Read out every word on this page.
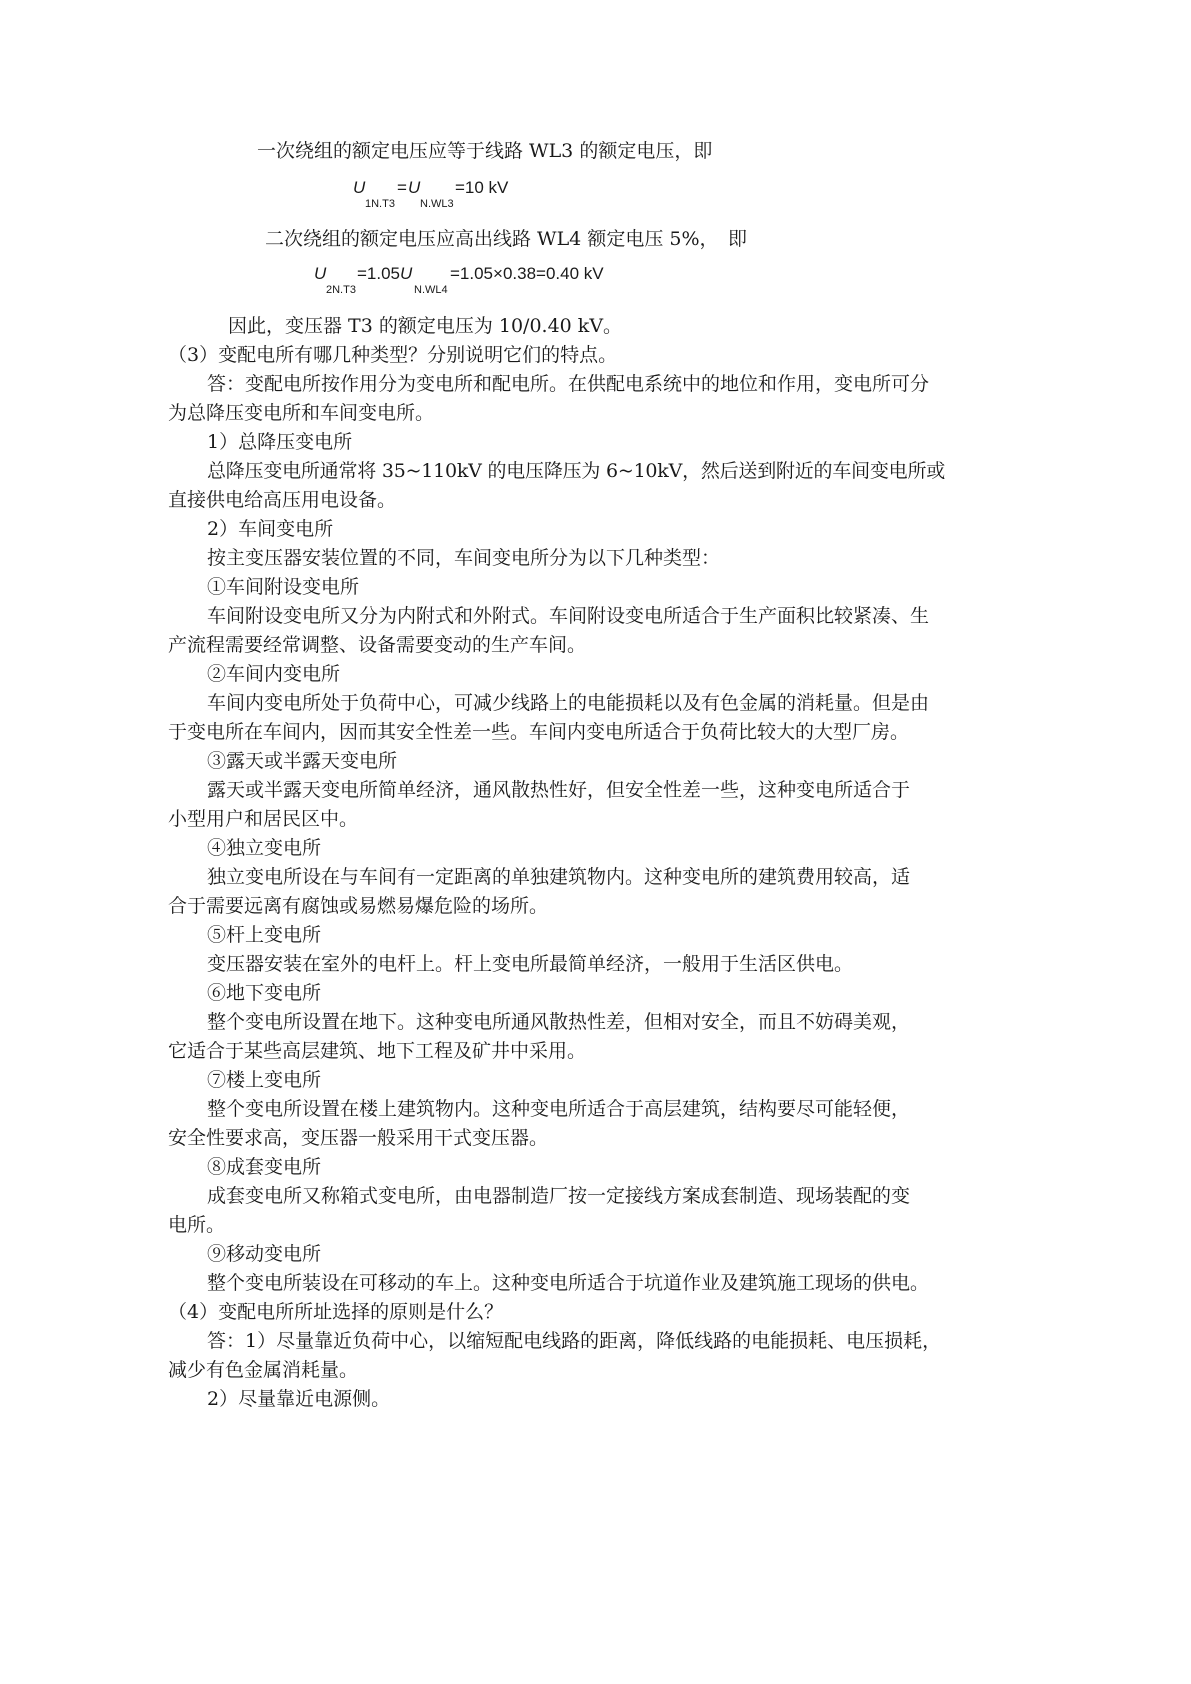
一次绕组的额定电压应等于线路 WL3 的额定电压，即
U
1N.T3
= U
N.WL3
=10 kV
二次绕组的额定电压应高出线路 WL4 额定电压 5%，　即
U
2N.T3
=1.05 U
N.WL4
=1.05×0.38=0.40 kV
因此，变压器 T3 的额定电压为 10/0.40 kV。
（3）变配电所有哪几种类型？分别说明它们的特点。
答：变配电所按作用分为变电所和配电所。在供配电系统中的地位和作用，变电所可分
为总降压变电所和车间变电所。
1）总降压变电所
总降压变电所通常将 35~110kV 的电压降压为 6~10kV，然后送到附近的车间变电所或
直接供电给高压用电设备。
2）车间变电所
按主变压器安装位置的不同，车间变电所分为以下几种类型：
①车间附设变电所
车间附设变电所又分为内附式和外附式。车间附设变电所适合于生产面积比较紧凑、生
产流程需要经常调整、设备需要变动的生产车间。
②车间内变电所
车间内变电所处于负荷中心，可减少线路上的电能损耗以及有色金属的消耗量。但是由
于变电所在车间内，因而其安全性差一些。车间内变电所适合于负荷比较大的大型厂房。
③露天或半露天变电所
露天或半露天变电所简单经济，通风散热性好，但安全性差一些，这种变电所适合于
小型用户和居民区中。
④独立变电所
独立变电所设在与车间有一定距离的单独建筑物内。这种变电所的建筑费用较高，适
合于需要远离有腐蚀或易燃易爆危险的场所。
⑤杆上变电所
变压器安装在室外的电杆上。杆上变电所最简单经济，一般用于生活区供电。
⑥地下变电所
整个变电所设置在地下。这种变电所通风散热性差，但相对安全，而且不妨碍美观，
它适合于某些高层建筑、地下工程及矿井中采用。
⑦楼上变电所
整个变电所设置在楼上建筑物内。这种变电所适合于高层建筑，结构要尽可能轻便，
安全性要求高，变压器一般采用干式变压器。
⑧成套变电所
成套变电所又称箱式变电所，由电器制造厂按一定接线方案成套制造、现场装配的变
电所。
⑨移动变电所
整个变电所装设在可移动的车上。这种变电所适合于坑道作业及建筑施工现场的供电。
（4）变配电所所址选择的原则是什么？
答：1）尽量靠近负荷中心，以缩短配电线路的距离，降低线路的电能损耗、电压损耗，
减少有色金属消耗量。
2）尽量靠近电源侧。
